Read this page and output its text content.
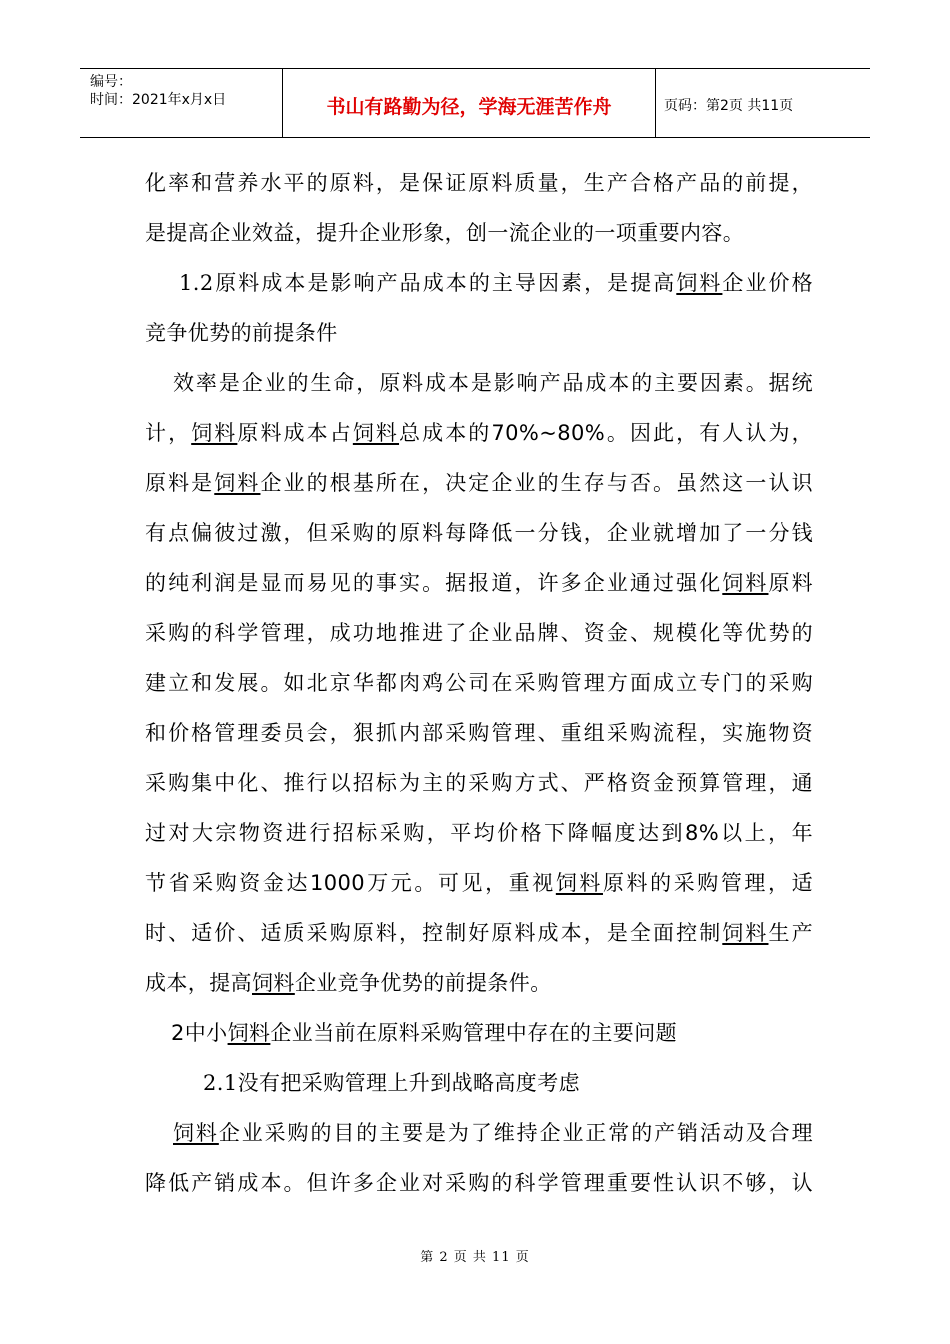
编号：
时间：2021年x月x日	书山有路勤为径，学海无涯苦作舟	页码：第2页 共11页
化率和营养水平的原料，是保证原料质量，生产合格产品的前提，
是提高企业效益，提升企业形象，创一流企业的一项重要内容。
1.2原料成本是影响产品成本的主导因素，是提高饲料企业价格
竞争优势的前提条件
效率是企业的生命，原料成本是影响产品成本的主要因素。据统
计，饲料原料成本占饲料总成本的70%~80%。因此，有人认为，
原料是饲料企业的根基所在，决定企业的生存与否。虽然这一认识
有点偏彼过激，但采购的原料每降低一分钱，企业就增加了一分钱
的纯利润是显而易见的事实。据报道，许多企业通过强化饲料原料
采购的科学管理，成功地推进了企业品牌、资金、规模化等优势的
建立和发展。如北京华都肉鸡公司在采购管理方面成立专门的采购
和价格管理委员会，狠抓内部采购管理、重组采购流程，实施物资
采购集中化、推行以招标为主的采购方式、严格资金预算管理，通
过对大宗物资进行招标采购，平均价格下降幅度达到8%以上，年
节省采购资金达1000万元。可见，重视饲料原料的采购管理，适
时、适价、适质采购原料，控制好原料成本，是全面控制饲料生产
成本，提高饲料企业竞争优势的前提条件。
2中小饲料企业当前在原料采购管理中存在的主要问题
2.1没有把采购管理上升到战略高度考虑
饲料企业采购的目的主要是为了维持企业正常的产销活动及合理
降低产销成本。但许多企业对采购的科学管理重要性认识不够，认
第 2 页 共 11 页
